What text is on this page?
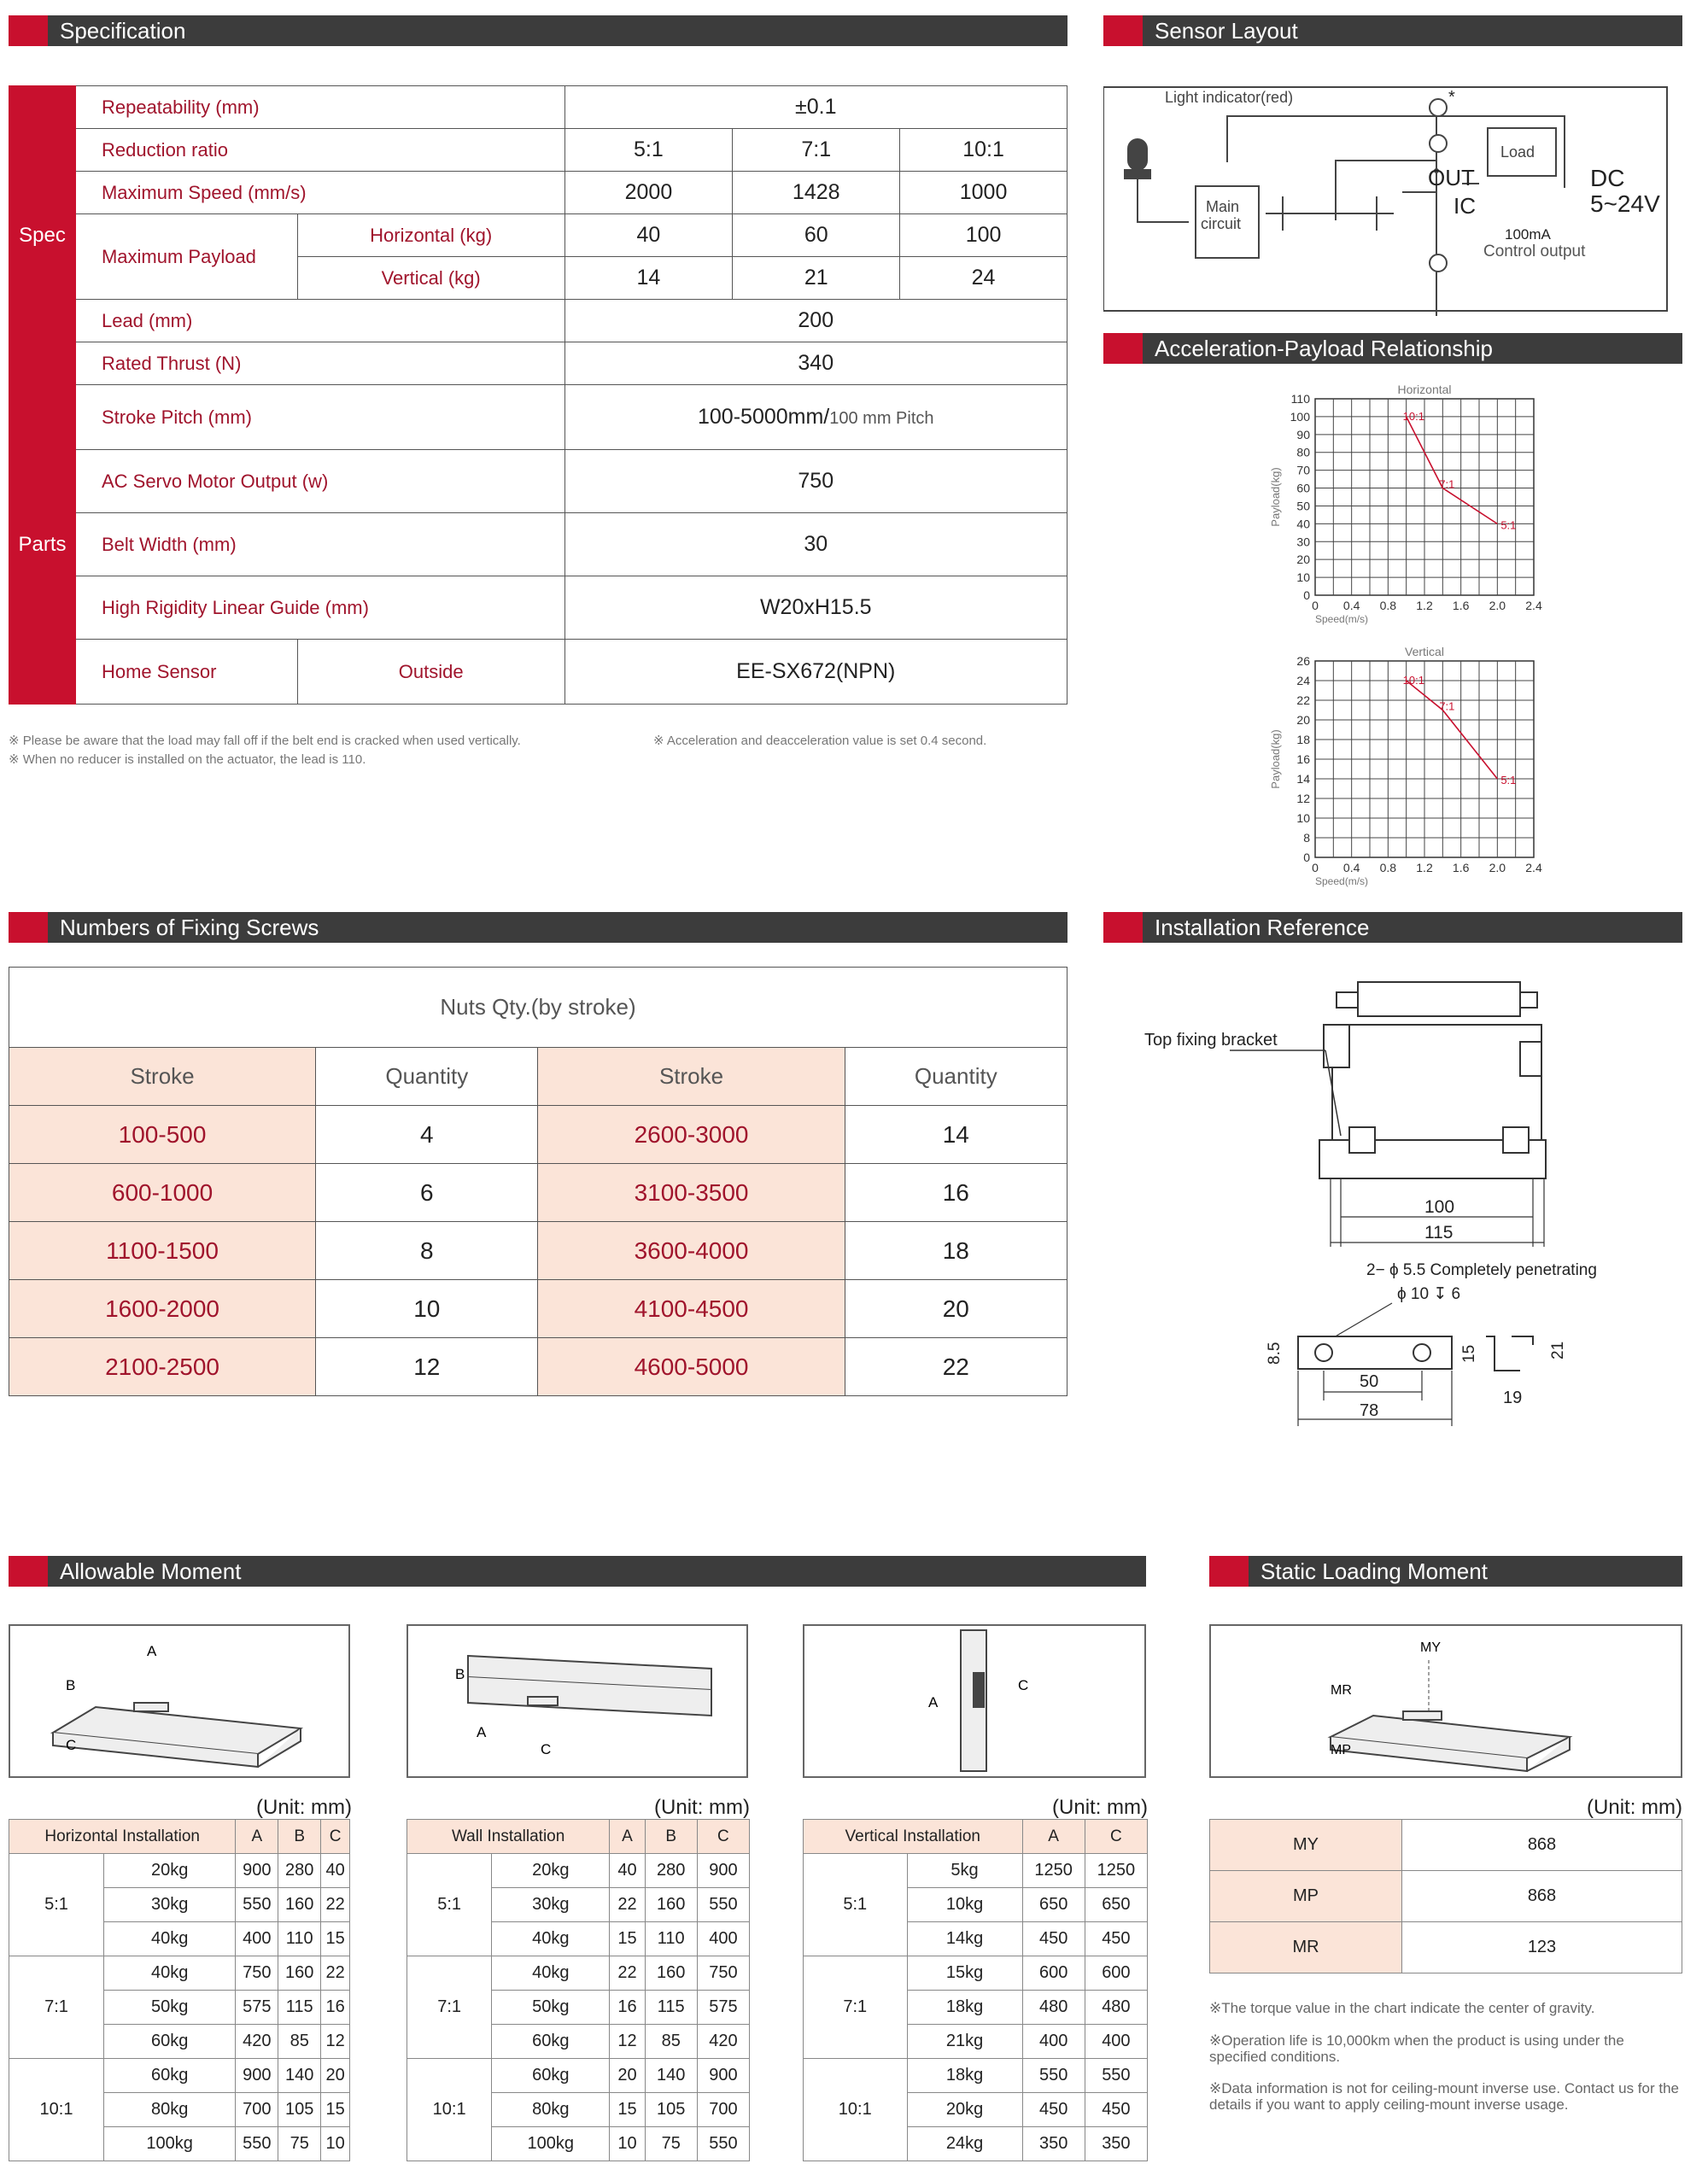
Specification	Sensor Layout
Acceleration-Payload Relationship
Numbers of Fixing Screws	Installation Reference
Allowable Moment	Static Loading Moment
Spec	Repeatability (mm)		±0.1		
	Reduction ratio		5:1	7:1	10:1
	Maximum Speed (mm/s)		2000	1428	1000
	Maximum Payload	Horizontal (kg)	40	60	100
		Vertical (kg)	14	21	24
	Lead (mm)		200		
	Rated Thrust (N)		340		
Parts	Stroke Pitch (mm)		100-5000mm/100 mm Pitch		
	AC Servo Motor Output (w)		750		
	Belt Width (mm)		30		
	High Rigidity Linear Guide (mm)		W20xH15.5		
	Home Sensor	Outside	EE-SX672(NPN)		
※ Please be aware that the load may fall off if the belt end is cracked when used vertically.
※ When no reducer is installed on the actuator, the lead is 110.
※ Acceleration and deacceleration value is set 0.4 second.
Light indicator(red)
Main
circuit
Load
OUT
IC
DC
5~24V
100mA
Control output
*
0
10
20
30
40
50
60
70
80
90
100
110
0 0.4 0.8 1.2 1.6 2.0 2.4
Horizontal
Speed(m/s)
Payload(kg)
10:1
7:1
5:1
0
8
10
12
14
16
18
20
22
24
26
0 0.4 0.8 1.2 1.6 2.0 2.4
Vertical
Speed(m/s)
Payload(kg)
10:1
7:1
5:1
Nuts Qty.(by stroke)			
Stroke	Quantity	Stroke	Quantity
100-500	4	2600-3000	14
600-1000	6	3100-3500	16
1100-1500	8	3600-4000	18
1600-2000	10	4100-4500	20
2100-2500	12	4600-5000	22
Top fixing bracket
100
115
2− ϕ 5.5 Completely penetrating
ϕ 10 ↧ 6
50
78
8.5	15
19
21
A
B
C
B
A
C
A
C
(Unit: mm)	(Unit: mm)	(Unit: mm)
Horizontal Installation		A	B	C
5:1	20kg	900	280	40
	30kg	550	160	22
	40kg	400	110	15
7:1	40kg	750	160	22
	50kg	575	115	16
	60kg	420	85	12
10:1	60kg	900	140	20
	80kg	700	105	15
	100kg	550	75	10
Wall Installation		A	B	C
5:1	20kg	40	280	900
	30kg	22	160	550
	40kg	15	110	400
7:1	40kg	22	160	750
	50kg	16	115	575
	60kg	12	85	420
10:1	60kg	20	140	900
	80kg	15	105	700
	100kg	10	75	550
Vertical Installation		A	C
5:1	5kg	1250	1250
	10kg	650	650
	14kg	450	450
7:1	15kg	600	600
	18kg	480	480
	21kg	400	400
10:1	18kg	550	550
	20kg	450	450
	24kg	350	350
MY
MR
MP
(Unit: mm)
MY	868
MP	868
MR	123
※The torque value in the chart indicate the center of gravity.
※Operation life is 10,000km when the product is using under the specified conditions.
※Data information is not for ceiling-mount inverse use. Contact us for the details if you want to apply ceiling-mount inverse usage.
